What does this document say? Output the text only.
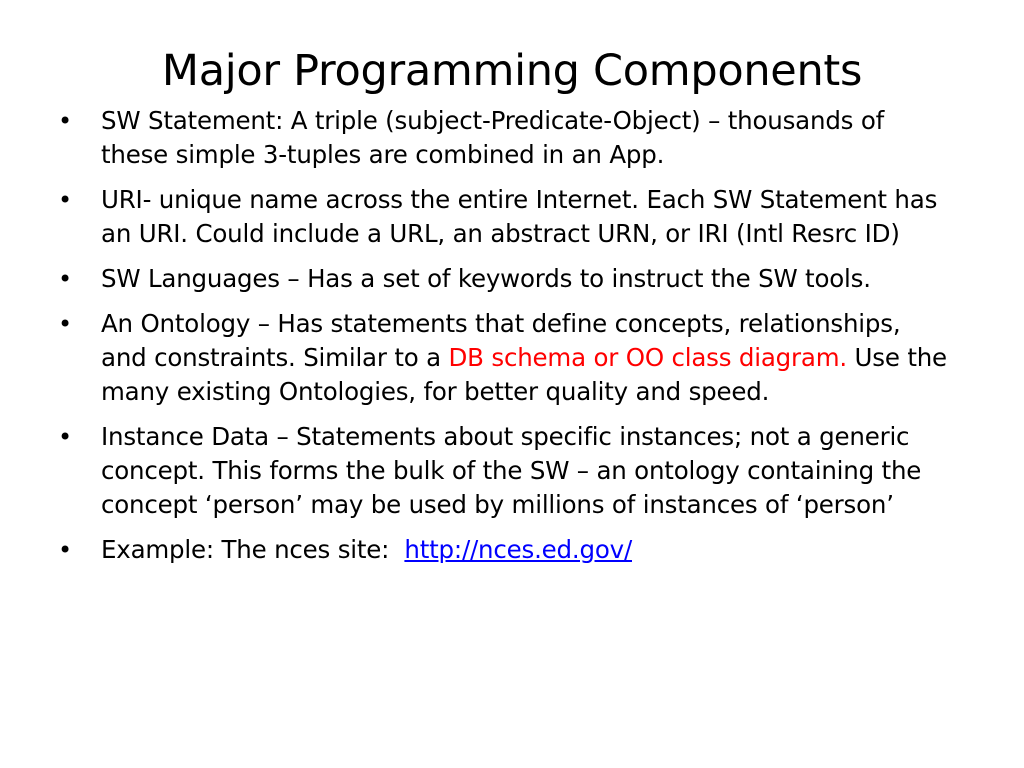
Major Programming Components
• SW Statement: A triple (subject-Predicate-Object) – thousands of these simple 3-tuples are combined in an App.
• URI- unique name across the entire Internet. Each SW Statement has an URI. Could include a URL, an abstract URN, or IRI (Intl Resrc ID)
• SW Languages – Has a set of keywords to instruct the SW tools.
• An Ontology – Has statements that define concepts, relationships, and constraints. Similar to a DB schema or OO class diagram. Use the many existing Ontologies, for better quality and speed.
• Instance Data – Statements about specific instances; not a generic concept. This forms the bulk of the SW – an ontology containing the concept ‘person’ may be used by millions of instances of ‘person’
• Example: The nces site:  http://nces.ed.gov/
